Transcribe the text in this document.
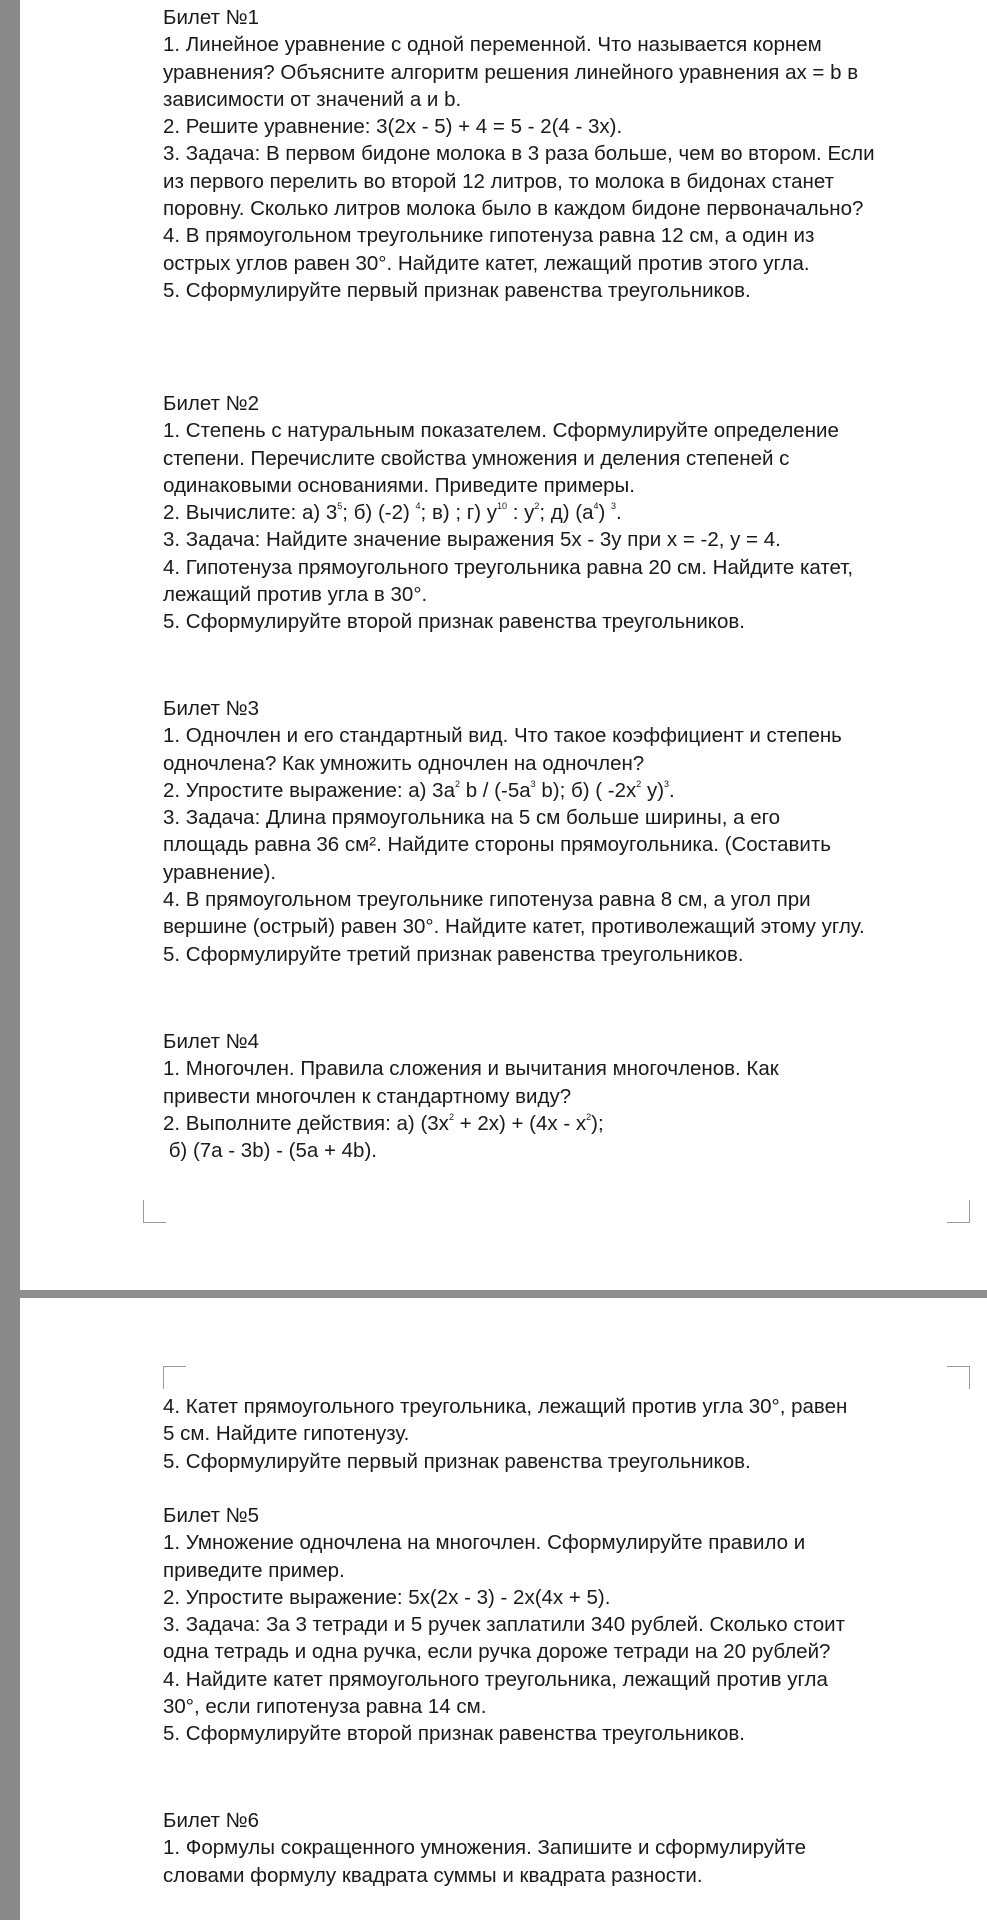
Билет №1

1. Линейное уравнение с одной переменной. Что называется корнем

уравнения? Объясните алгоритм решения линейного уравнения ax = b в

зависимости от значений a и b.

2. Решите уравнение: 3(2x - 5) + 4 = 5 - 2(4 - 3x).

3. Задача: В первом бидоне молока в 3 раза больше, чем во втором. Если

из первого перелить во второй 12 литров, то молока в бидонах станет

поровну. Сколько литров молока было в каждом бидоне первоначально?

4. В прямоугольном треугольнике гипотенуза равна 12 см, а один из

острых углов равен 30°. Найдите катет, лежащий против этого угла.

5. Сформулируйте первый признак равенства треугольников.

Билет №2

1. Степень с натуральным показателем. Сформулируйте определение

степени. Перечислите свойства умножения и деления степеней с

одинаковыми основаниями. Приведите примеры.

2. Вычислите: а) $3^5$; б) (-2) $^4$; в) ; г) $y^{10}$ : $y^2$; д) $(a^4)$ $^3$.

3. Задача: Найдите значение выражения 5x - 3y при x = -2, y = 4.

4. Гипотенуза прямоугольного треугольника равна 20 см. Найдите катет,

лежащий против угла в 30°.

5. Сформулируйте второй признак равенства треугольников.

Билет №3

1. Одночлен и его стандартный вид. Что такое коэффициент и степень

одночлена? Как умножить одночлен на одночлен?

2. Упростите выражение: а) $3a^2$ b / ($-5a^3$ b); б) ( $-2x^2$ y)$^3$.

3. Задача: Длина прямоугольника на 5 см больше ширины, а его

площадь равна 36 см². Найдите стороны прямоугольника. (Составить

уравнение).

4. В прямоугольном треугольнике гипотенуза равна 8 см, а угол при

вершине (острый) равен 30°. Найдите катет, противолежащий этому углу.

5. Сформулируйте третий признак равенства треугольников.

Билет №4

1. Многочлен. Правила сложения и вычитания многочленов. Как

привести многочлен к стандартному виду?

2. Выполните действия: а) $(3x^2 + 2x) + (4x - x^2)$;

б) (7a - 3b) - (5a + 4b).

4. Катет прямоугольного треугольника, лежащий против угла 30°, равен

5 см. Найдите гипотенузу.

5. Сформулируйте первый признак равенства треугольников.

Билет №5

1. Умножение одночлена на многочлен. Сформулируйте правило и

приведите пример.

2. Упростите выражение: 5x(2x - 3) - 2x(4x + 5).

3. Задача: За 3 тетради и 5 ручек заплатили 340 рублей. Сколько стоит

одна тетрадь и одна ручка, если ручка дороже тетради на 20 рублей?

4. Найдите катет прямоугольного треугольника, лежащий против угла

30°, если гипотенуза равна 14 см.

5. Сформулируйте второй признак равенства треугольников.

Билет №6

1. Формулы сокращенного умножения. Запишите и сформулируйте

словами формулу квадрата суммы и квадрата разности.
